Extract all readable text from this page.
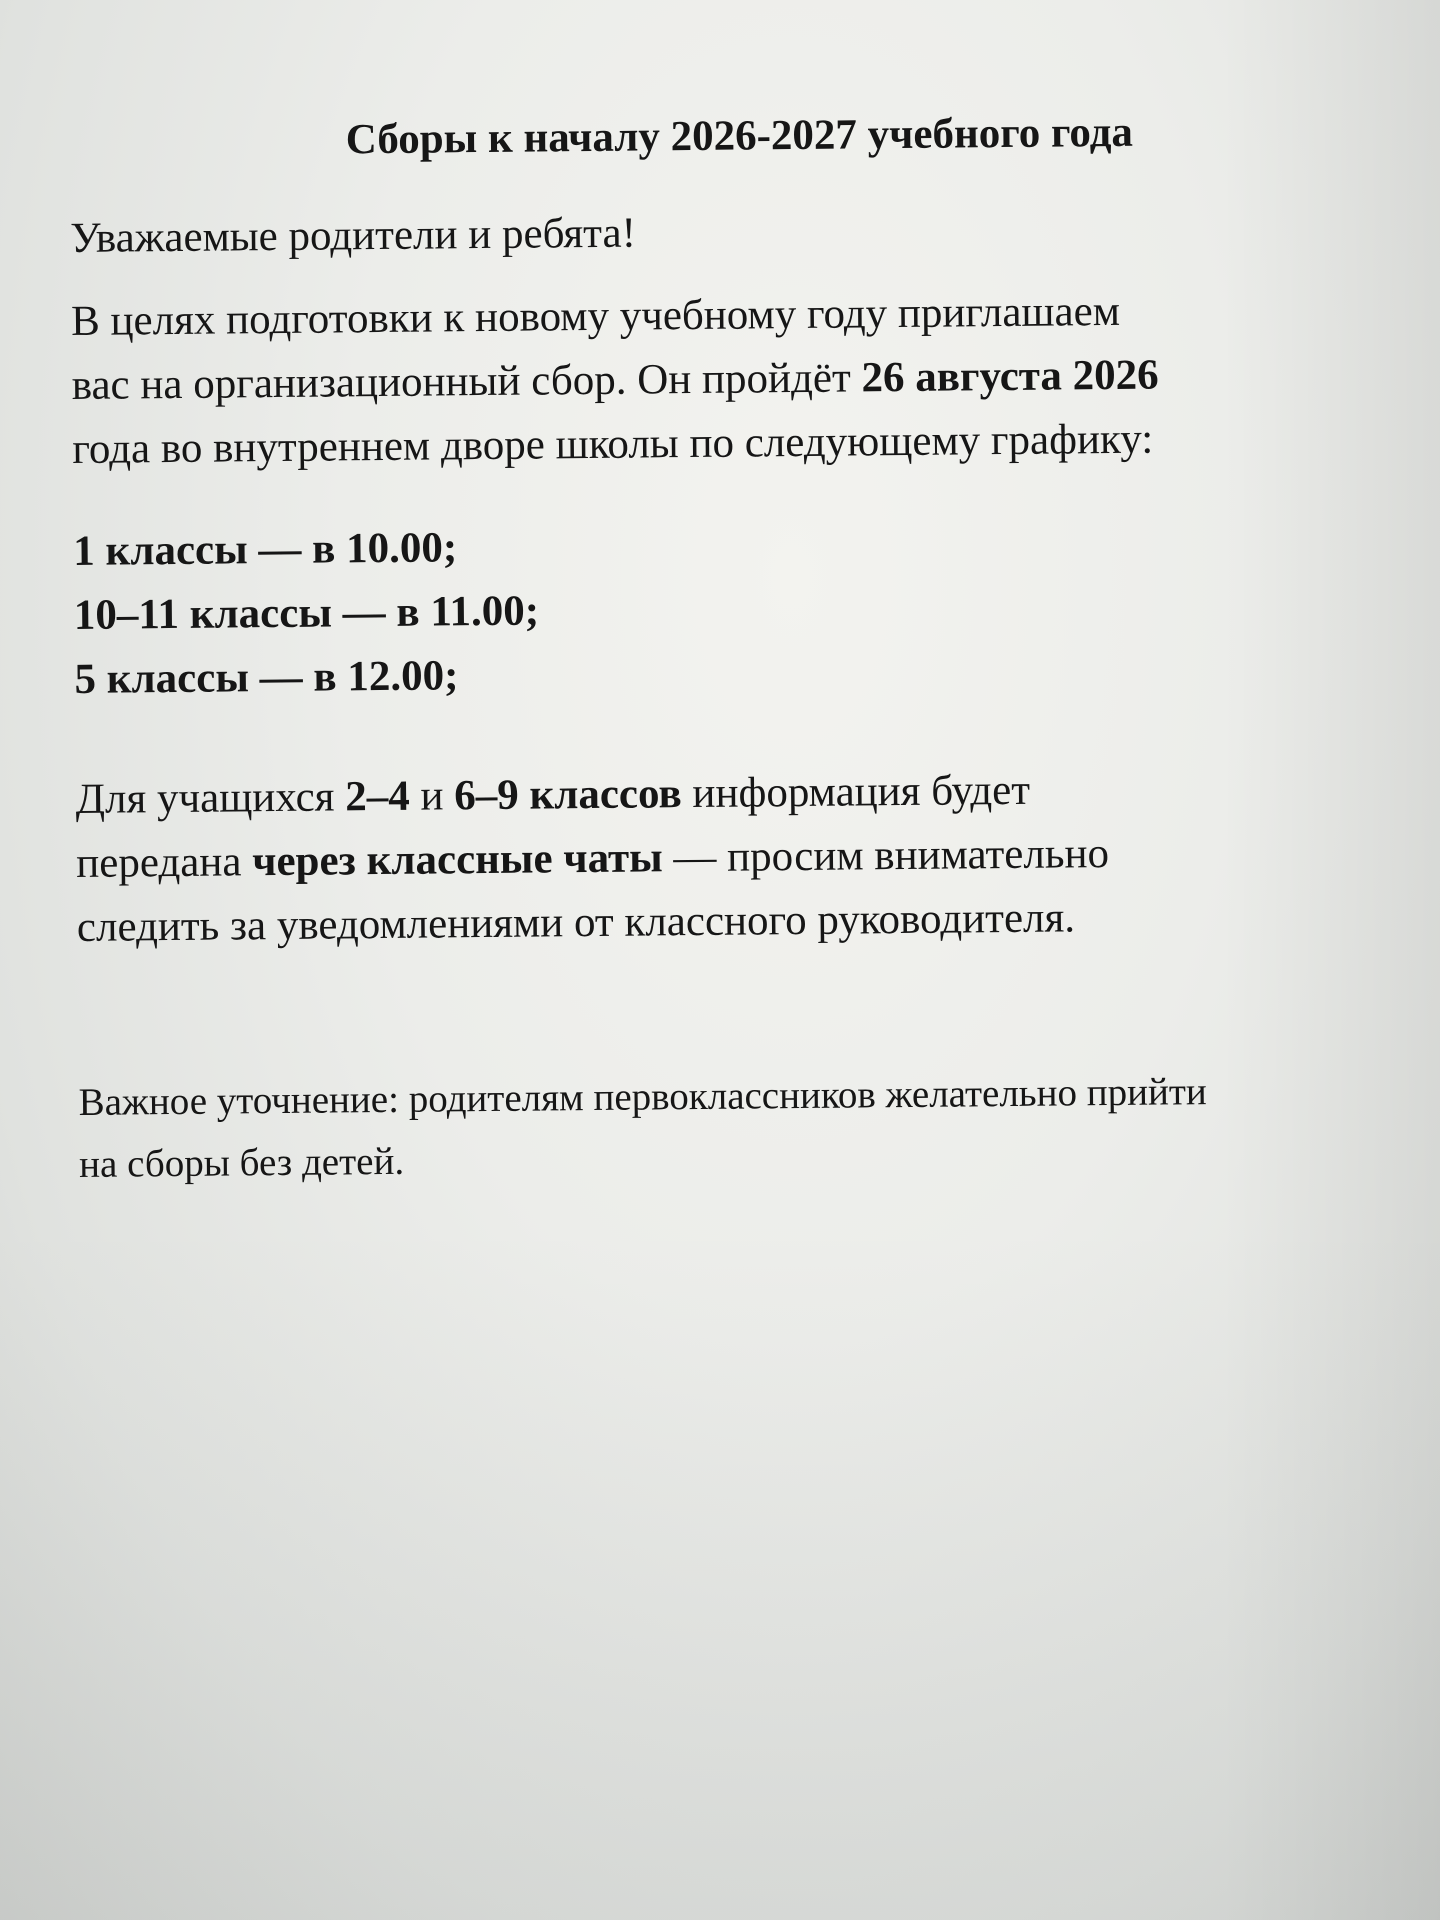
Сборы к началу 2026-2027 учебного года

Уважаемые родители и ребята!

В целях подготовки к новому учебному году приглашаем
вас на организационный сбор. Он пройдёт 26 августа 2026
года во внутреннем дворе школы по следующему графику:

1 классы — в 10.00;
10–11 классы — в 11.00;
5 классы — в 12.00;

Для учащихся 2–4 и 6–9 классов информация будет
передана через классные чаты — просим внимательно
следить за уведомлениями от классного руководителя.

Важное уточнение: родителям первоклассников желательно прийти
на сборы без детей.
